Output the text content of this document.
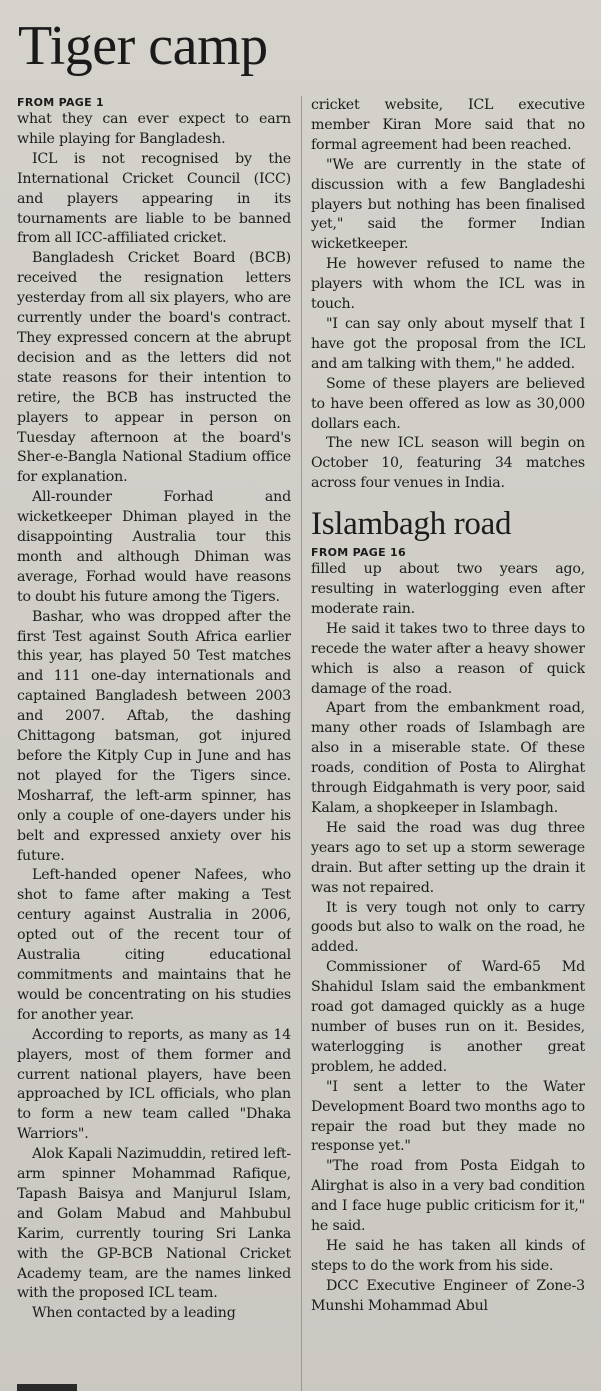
Tiger camp
FROM PAGE 1

what they can ever expect to earn while playing for Bangladesh.

ICL is not recognised by the International Cricket Council (ICC) and players appearing in its tournaments are liable to be banned from all ICC-affiliated cricket.

Bangladesh Cricket Board (BCB) received the resignation letters yesterday from all six players, who are currently under the board's contract. They expressed concern at the abrupt decision and as the letters did not state reasons for their intention to retire, the BCB has instructed the players to appear in person on Tuesday afternoon at the board's Sher-e-Bangla National Stadium office for explanation.

All-rounder Forhad and wicketkeeper Dhiman played in the disappointing Australia tour this month and although Dhiman was average, Forhad would have reasons to doubt his future among the Tigers.

Bashar, who was dropped after the first Test against South Africa earlier this year, has played 50 Test matches and 111 one-day internationals and captained Bangladesh between 2003 and 2007. Aftab, the dashing Chittagong batsman, got injured before the Kitply Cup in June and has not played for the Tigers since. Mosharraf, the left-arm spinner, has only a couple of one-dayers under his belt and expressed anxiety over his future.

Left-handed opener Nafees, who shot to fame after making a Test century against Australia in 2006, opted out of the recent tour of Australia citing educational commitments and maintains that he would be concentrating on his studies for another year.

According to reports, as many as 14 players, most of them former and current national players, have been approached by ICL officials, who plan to form a new team called "Dhaka Warriors".

Alok Kapali Nazimuddin, retired left-arm spinner Mohammad Rafique, Tapash Baisya and Manjurul Islam, and Golam Mabud and Mahbubul Karim, currently touring Sri Lanka with the GP-BCB National Cricket Academy team, are the names linked with the proposed ICL team.

When contacted by a leading

cricket website, ICL executive member Kiran More said that no formal agreement had been reached.

"We are currently in the state of discussion with a few Bangladeshi players but nothing has been finalised yet," said the former Indian wicketkeeper.

He however refused to name the players with whom the ICL was in touch.

"I can say only about myself that I have got the proposal from the ICL and am talking with them," he added.

Some of these players are believed to have been offered as low as 30,000 dollars each.

The new ICL season will begin on October 10, featuring 34 matches across four venues in India.

Islambagh road
FROM PAGE 16

filled up about two years ago, resulting in waterlogging even after moderate rain.

He said it takes two to three days to recede the water after a heavy shower which is also a reason of quick damage of the road.

Apart from the embankment road, many other roads of Islambagh are also in a miserable state. Of these roads, condition of Posta to Alirghat through Eidgahmath is very poor, said Kalam, a shopkeeper in Islambagh.

He said the road was dug three years ago to set up a storm sewerage drain. But after setting up the drain it was not repaired.

It is very tough not only to carry goods but also to walk on the road, he added.

Commissioner of Ward-65 Md Shahidul Islam said the embankment road got damaged quickly as a huge number of buses run on it. Besides, waterlogging is another great problem, he added.

"I sent a letter to the Water Development Board two months ago to repair the road but they made no response yet."

"The road from Posta Eidgah to Alirghat is also in a very bad condition and I face huge public criticism for it," he said.

He said he has taken all kinds of steps to do the work from his side.

DCC Executive Engineer of Zone-3 Munshi Mohammad Abul
